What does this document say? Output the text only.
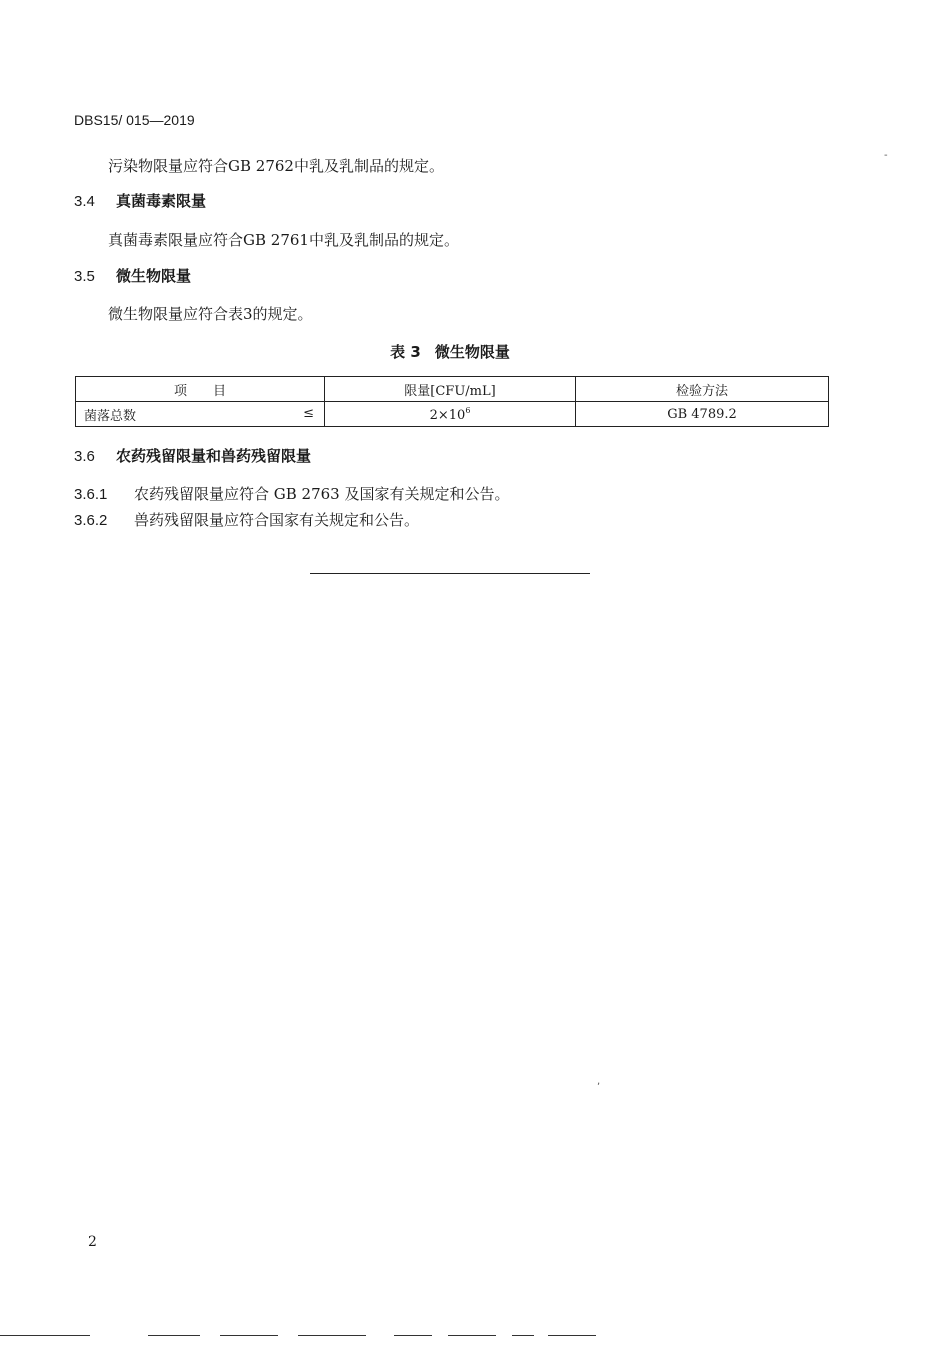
DBS15/ 015—2019
污染物限量应符合GB 2762中乳及乳制品的规定。
3.4 真菌毒素限量
真菌毒素限量应符合GB 2761中乳及乳制品的规定。
3.5 微生物限量
微生物限量应符合表3的规定。
表 3 微生物限量
项　　目	限量[CFU/mL]	检验方法
菌落总数 ≤	$2\times 10^6$	GB 4789.2
3.6 农药残留限量和兽药残留限量
3.6.1 农药残留限量应符合 GB 2763 及国家有关规定和公告。
3.6.2 兽药残留限量应符合国家有关规定和公告。
2
-
,
